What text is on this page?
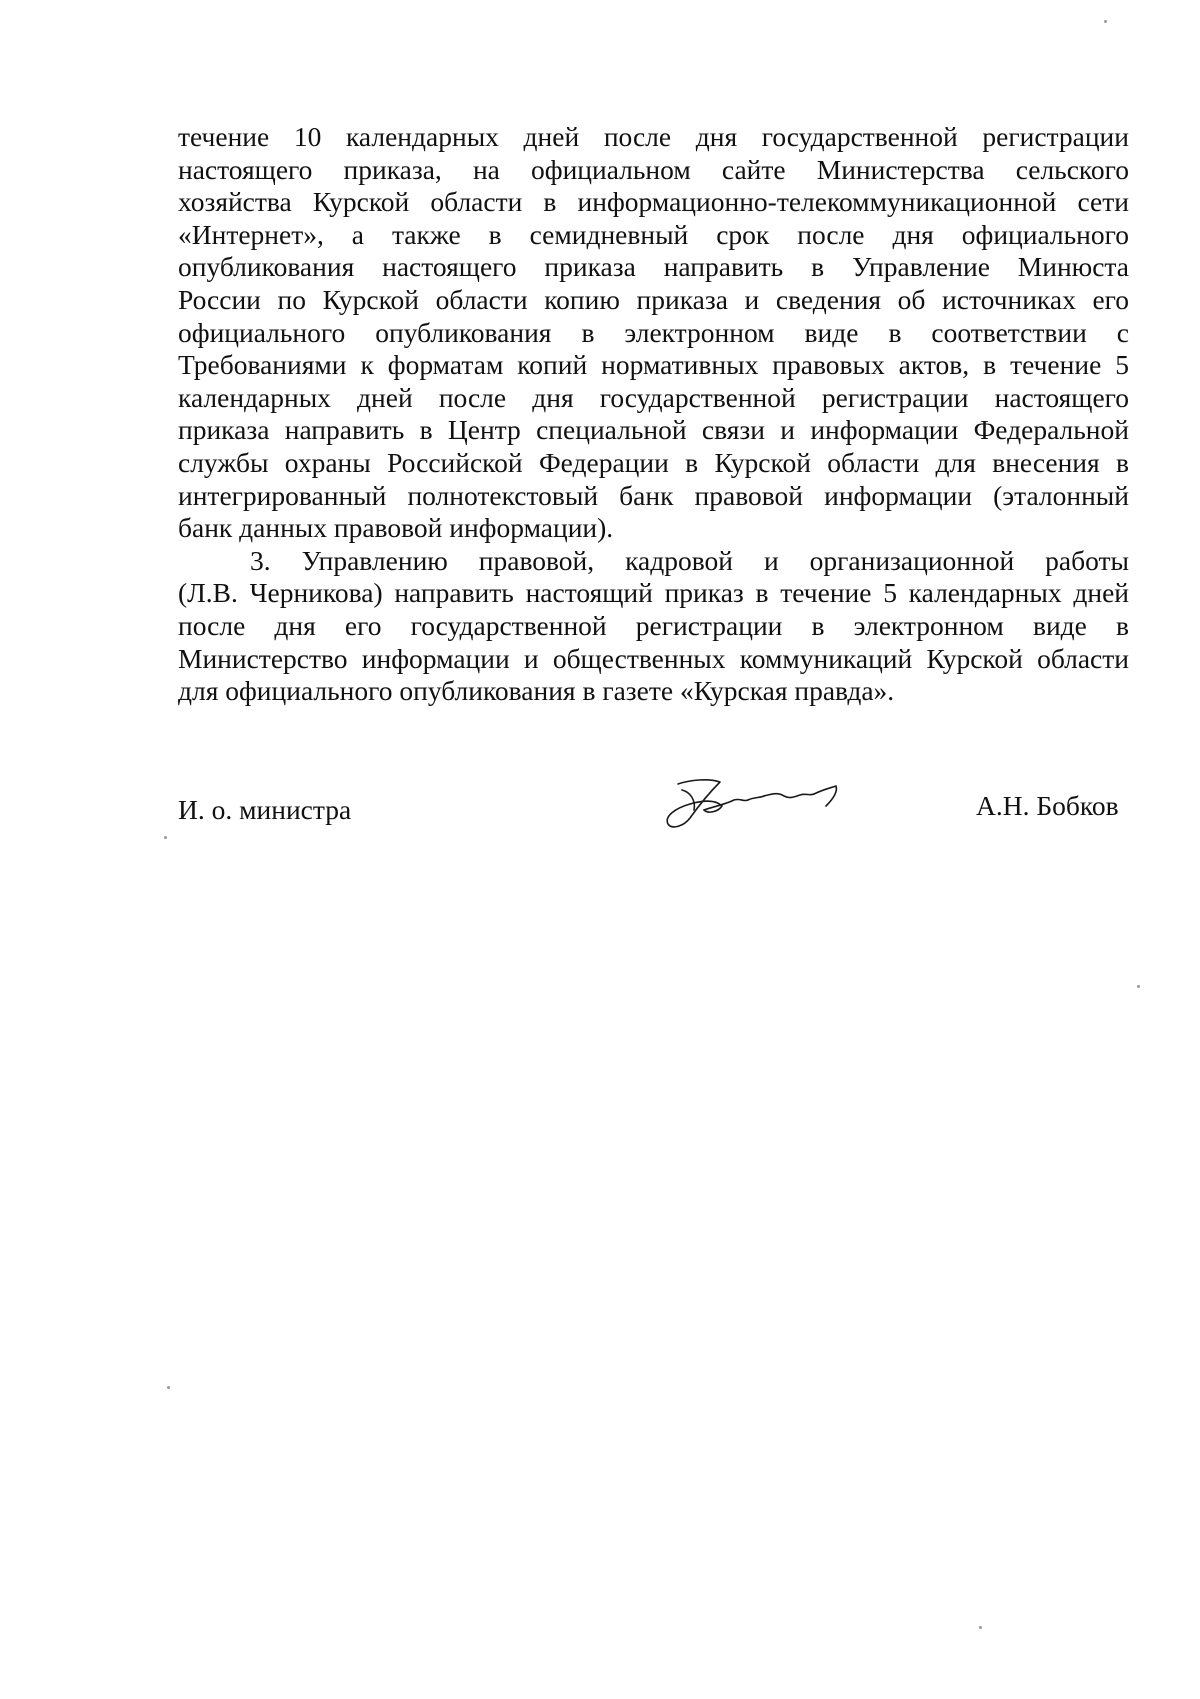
течение 10 календарных дней после дня государственной регистрации
настоящего приказа, на официальном сайте Министерства сельского
хозяйства Курской области в информационно-телекоммуникационной сети
«Интернет», а также в семидневный срок после дня официального
опубликования настоящего приказа направить в Управление Минюста
России по Курской области копию приказа и сведения об источниках его
официального опубликования в электронном виде в соответствии с
Требованиями к форматам копий нормативных правовых актов, в течение 5
календарных дней после дня государственной регистрации настоящего
приказа направить в Центр специальной связи и информации Федеральной
службы охраны Российской Федерации в Курской области для внесения в
интегрированный полнотекстовый банк правовой информации (эталонный
банк данных правовой информации).
3. Управлению правовой, кадровой и организационной работы
(Л.В. Черникова) направить настоящий приказ в течение 5 календарных дней
после дня его государственной регистрации в электронном виде в
Министерство информации и общественных коммуникаций Курской области
для официального опубликования в газете «Курская правда».
И. о. министра	А.Н. Бобков
